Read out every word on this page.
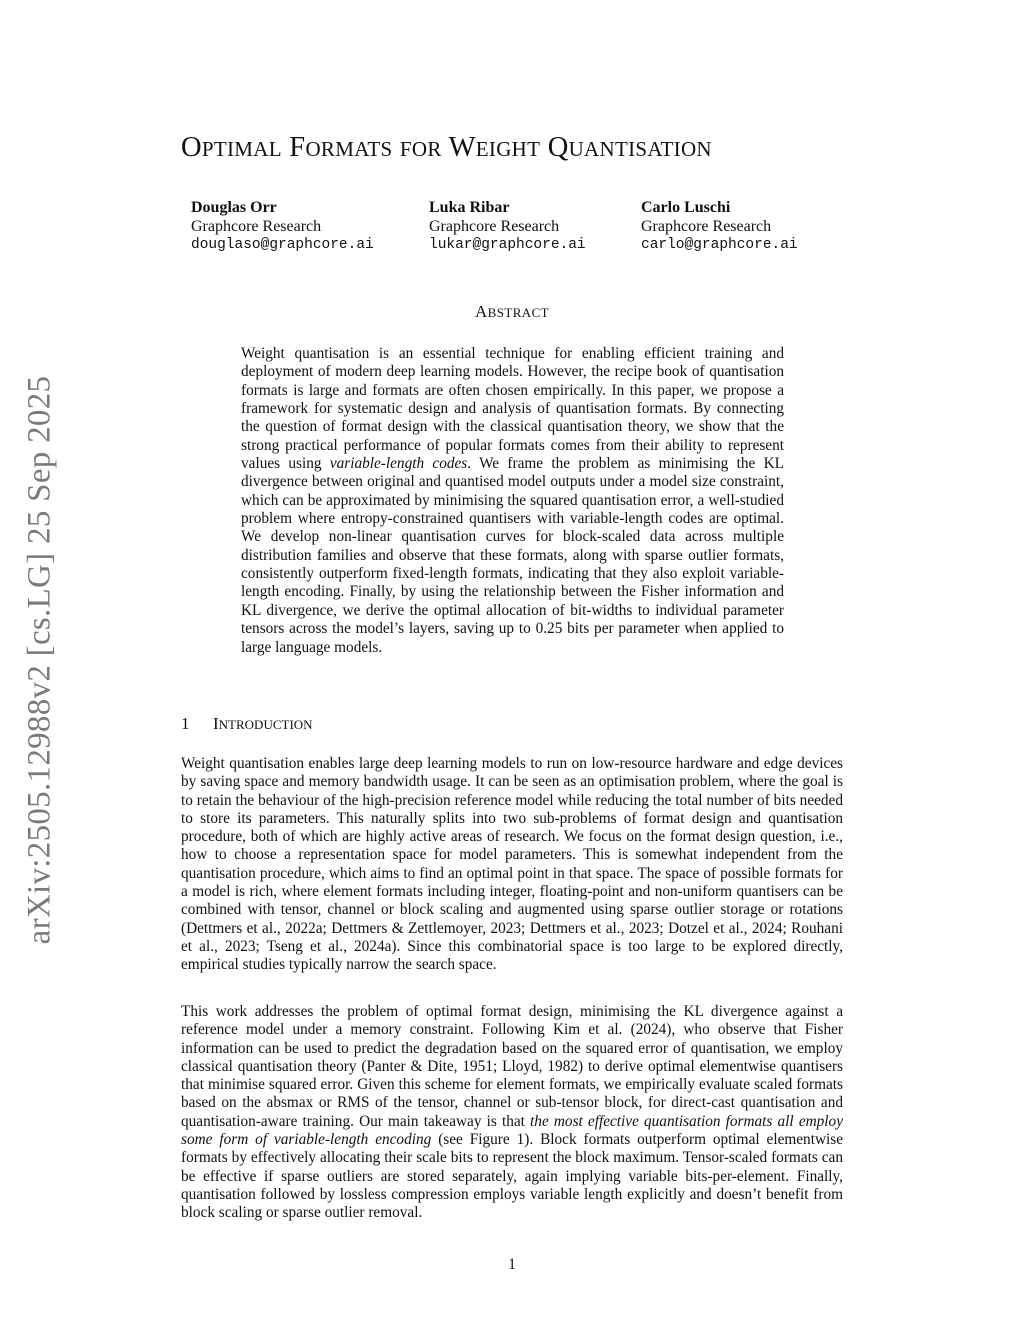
arXiv:2505.12988v2 [cs.LG] 25 Sep 2025
OPTIMAL FORMATS FOR WEIGHT QUANTISATION
Douglas Orr
Graphcore Research
douglaso@graphcore.ai
Luka Ribar
Graphcore Research
lukar@graphcore.ai
Carlo Luschi
Graphcore Research
carlo@graphcore.ai
ABSTRACT
Weight quantisation is an essential technique for enabling efficient training and deployment of modern deep learning models. However, the recipe book of quantisation formats is large and formats are often chosen empirically. In this paper, we propose a framework for systematic design and analysis of quantisation formats. By connecting the question of format design with the classical quantisation theory, we show that the strong practical performance of popular formats comes from their ability to represent values using variable-length codes. We frame the problem as minimising the KL divergence between original and quantised model outputs under a model size constraint, which can be approximated by minimising the squared quantisation error, a well-studied problem where entropy-constrained quantisers with variable-length codes are optimal. We develop non-linear quantisation curves for block-scaled data across multiple distribution families and observe that these formats, along with sparse outlier formats, consistently outperform fixed-length formats, indicating that they also exploit variable-length encoding. Finally, by using the relationship between the Fisher information and KL divergence, we derive the optimal allocation of bit-widths to individual parameter tensors across the model’s layers, saving up to 0.25 bits per parameter when applied to large language models.
1 INTRODUCTION
Weight quantisation enables large deep learning models to run on low-resource hardware and edge devices by saving space and memory bandwidth usage. It can be seen as an optimisation problem, where the goal is to retain the behaviour of the high-precision reference model while reducing the total number of bits needed to store its parameters. This naturally splits into two sub-problems of format design and quantisation procedure, both of which are highly active areas of research. We focus on the format design question, i.e., how to choose a representation space for model parameters. This is somewhat independent from the quantisation procedure, which aims to find an optimal point in that space. The space of possible formats for a model is rich, where element formats including integer, floating-point and non-uniform quantisers can be combined with tensor, channel or block scaling and augmented using sparse outlier storage or rotations (Dettmers et al., 2022a; Dettmers & Zettlemoyer, 2023; Dettmers et al., 2023; Dotzel et al., 2024; Rouhani et al., 2023; Tseng et al., 2024a). Since this combinatorial space is too large to be explored directly, empirical studies typically narrow the search space.
This work addresses the problem of optimal format design, minimising the KL divergence against a reference model under a memory constraint. Following Kim et al. (2024), who observe that Fisher information can be used to predict the degradation based on the squared error of quantisation, we employ classical quantisation theory (Panter & Dite, 1951; Lloyd, 1982) to derive optimal elementwise quantisers that minimise squared error. Given this scheme for element formats, we empirically evaluate scaled formats based on the absmax or RMS of the tensor, channel or sub-tensor block, for direct-cast quantisation and quantisation-aware training. Our main takeaway is that the most effective quantisation formats all employ some form of variable-length encoding (see Figure 1). Block formats outperform optimal elementwise formats by effectively allocating their scale bits to represent the block maximum. Tensor-scaled formats can be effective if sparse outliers are stored separately, again implying variable bits-per-element. Finally, quantisation followed by lossless compression employs variable length explicitly and doesn’t benefit from block scaling or sparse outlier removal.
1
